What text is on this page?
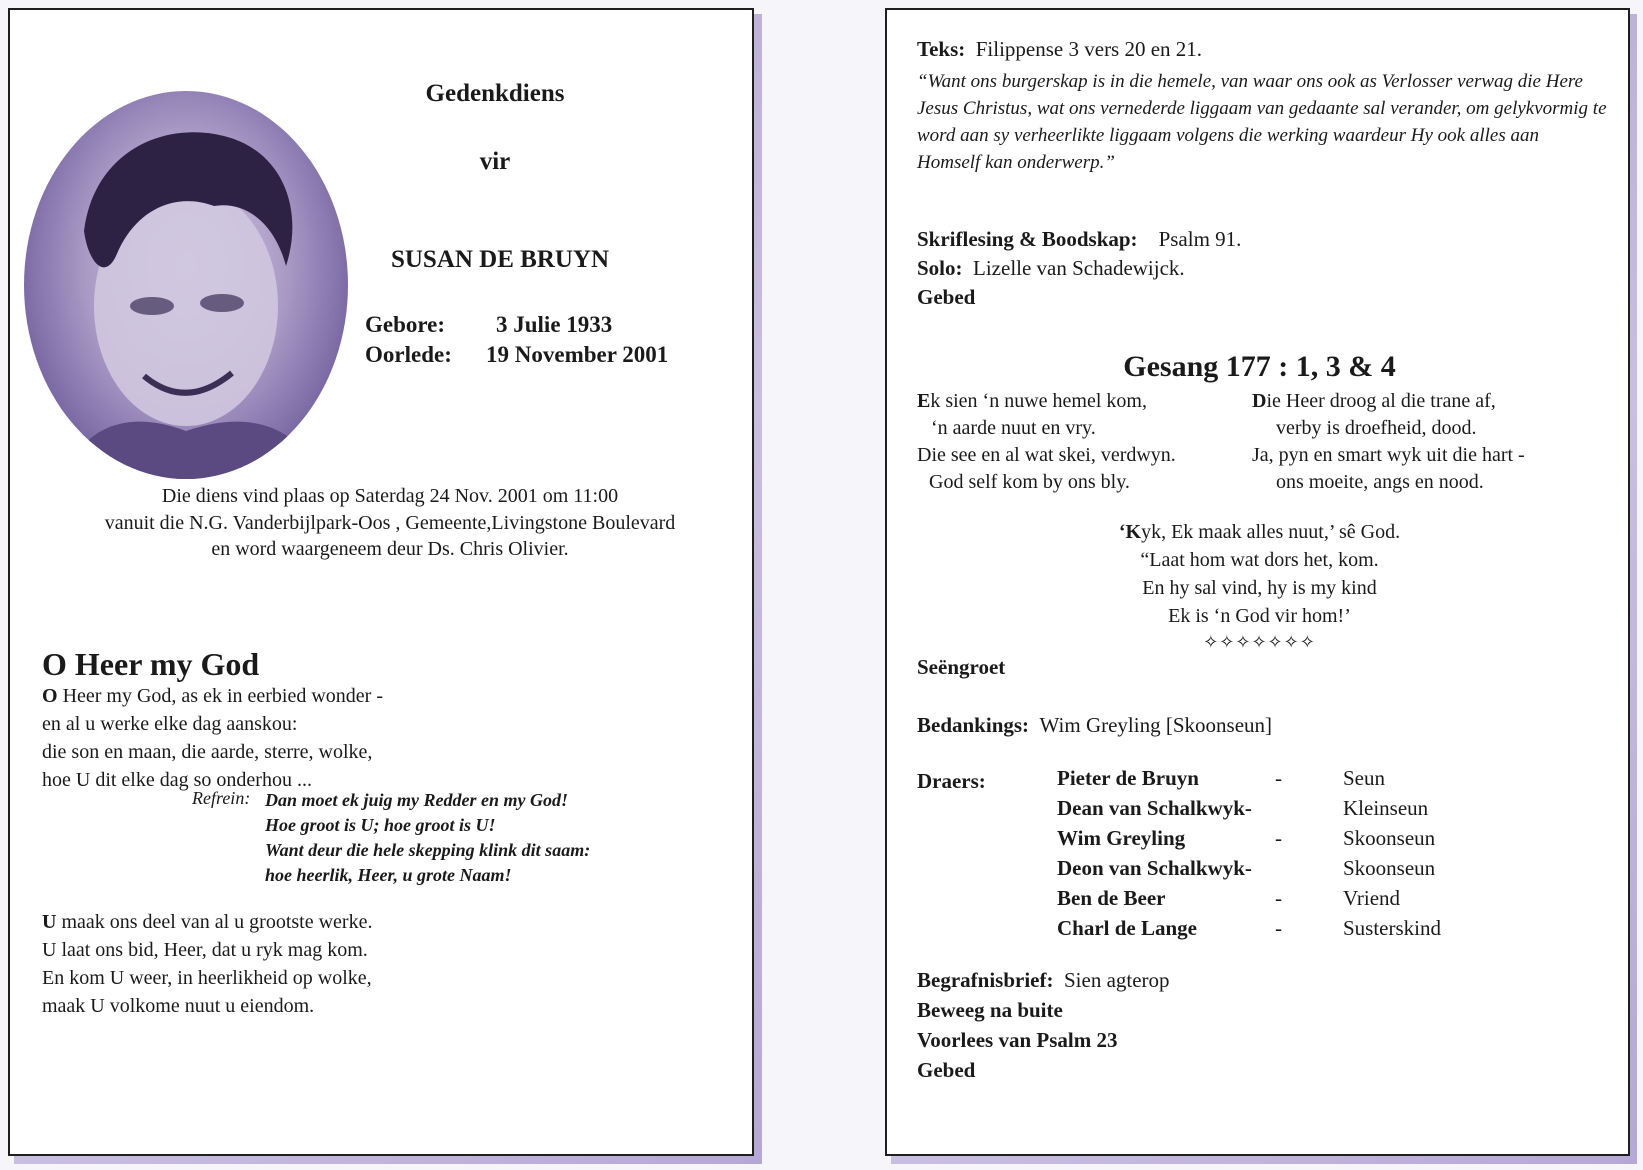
Gedenkdiens
vir
SUSAN DE BRUYN
Gebore: 3 Julie 1933
Oorlede: 19 November 2001
Die diens vind plaas op Saterdag 24 Nov. 2001 om 11:00
vanuit die N.G. Vanderbijlpark-Oos , Gemeente,Livingstone Boulevard
en word waargeneem deur Ds. Chris Olivier.
O Heer my God
O Heer my God, as ek in eerbied wonder -
en al u werke elke dag aanskou:
die son en maan, die aarde, sterre, wolke,
hoe U dit elke dag so onderhou ...
Refrein: Dan moet ek juig my Redder en my God!
Hoe groot is U; hoe groot is U!
Want deur die hele skepping klink dit saam:
hoe heerlik, Heer, u grote Naam!
U maak ons deel van al u grootste werke.
U laat ons bid, Heer, dat u ryk mag kom.
En kom U weer, in heerlikheid op wolke,
maak U volkome nuut u eiendom.
Teks: Filippense 3 vers 20 en 21.
“Want ons burgerskap is in die hemele, van waar ons ook as Verlosser verwag die Here Jesus Christus, wat ons vernederde liggaam van gedaante sal verander, om gelykvormig te word aan sy verheerlikte liggaam volgens die werking waardeur Hy ook alles aan Homself kan onderwerp.”
Skriflesing & Boodskap: Psalm 91.
Solo: Lizelle van Schadewijck.
Gebed
Gesang 177 : 1, 3 & 4
Ek sien ‘n nuwe hemel kom,
‘n aarde nuut en vry.
Die see en al wat skei, verdwyn.
God self kom by ons bly.
Die Heer droog al die trane af,
verby is droefheid, dood.
Ja, pyn en smart wyk uit die hart -
ons moeite, angs en nood.
‘Kyk, Ek maak alles nuut,’ sê God.
“Laat hom wat dors het, kom.
En hy sal vind, hy is my kind
Ek is ‘n God vir hom!’
✧✧✧✧✧✧✧
Seëngroet
Bedankings: Wim Greyling [Skoonseun]
Draers:	Pieter de Bruyn	-	Seun
Dean van Schalkwyk-	Kleinseun
Wim Greyling	-	Skoonseun
Deon van Schalkwyk-	Skoonseun
Ben de Beer	-	Vriend
Charl de Lange	-	Susterskind
Begrafnisbrief: Sien agterop
Beweeg na buite
Voorlees van Psalm 23
Gebed
